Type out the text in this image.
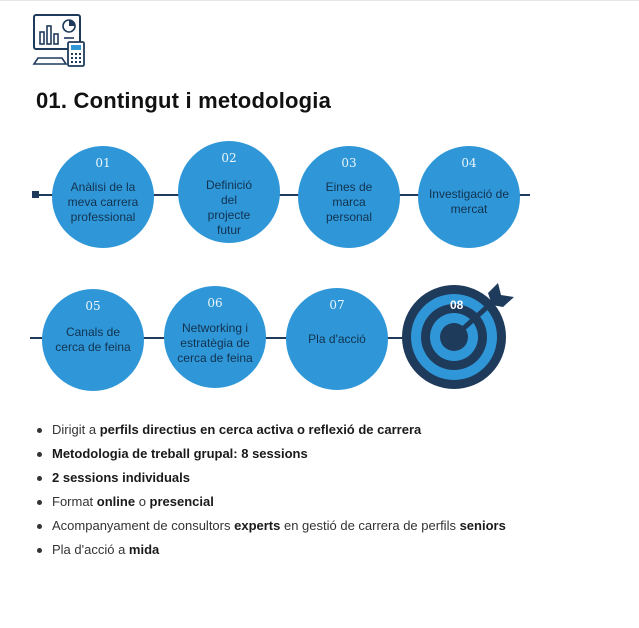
01. Contingut i metodologia
01
Anàlisi de la
meva carrera
professional
02
Definició
del
projecte
futur
03
Eines de
marca
personal
04
Investigació de
mercat
05
Canals de
cerca de feina
06
Networking i
estratègia de
cerca de feina
07
Pla d'acció
08
Dirigit a perfils directius en cerca activa o reflexió de carrera
Metodologia de treball grupal: 8 sessions
2 sessions individuals
Format online o presencial
Acompanyament de consultors experts en gestió de carrera de perfils seniors
Pla d'acció a mida
